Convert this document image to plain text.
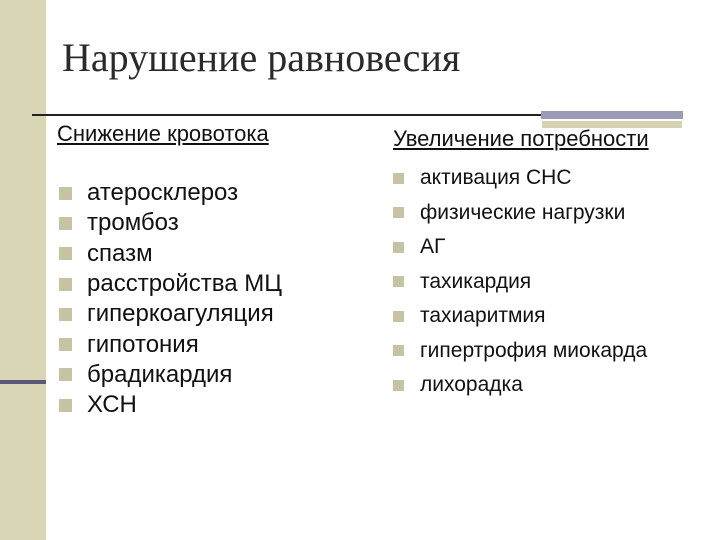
Нарушение равновесия
Снижение кровотока
атеросклероз
тромбоз
спазм
расстройства МЦ
гиперкоагуляция
гипотония
брадикардия
ХСН
Увеличение потребности
активация СНС
физические нагрузки
АГ
тахикардия
тахиаритмия
гипертрофия миокарда
лихорадка
